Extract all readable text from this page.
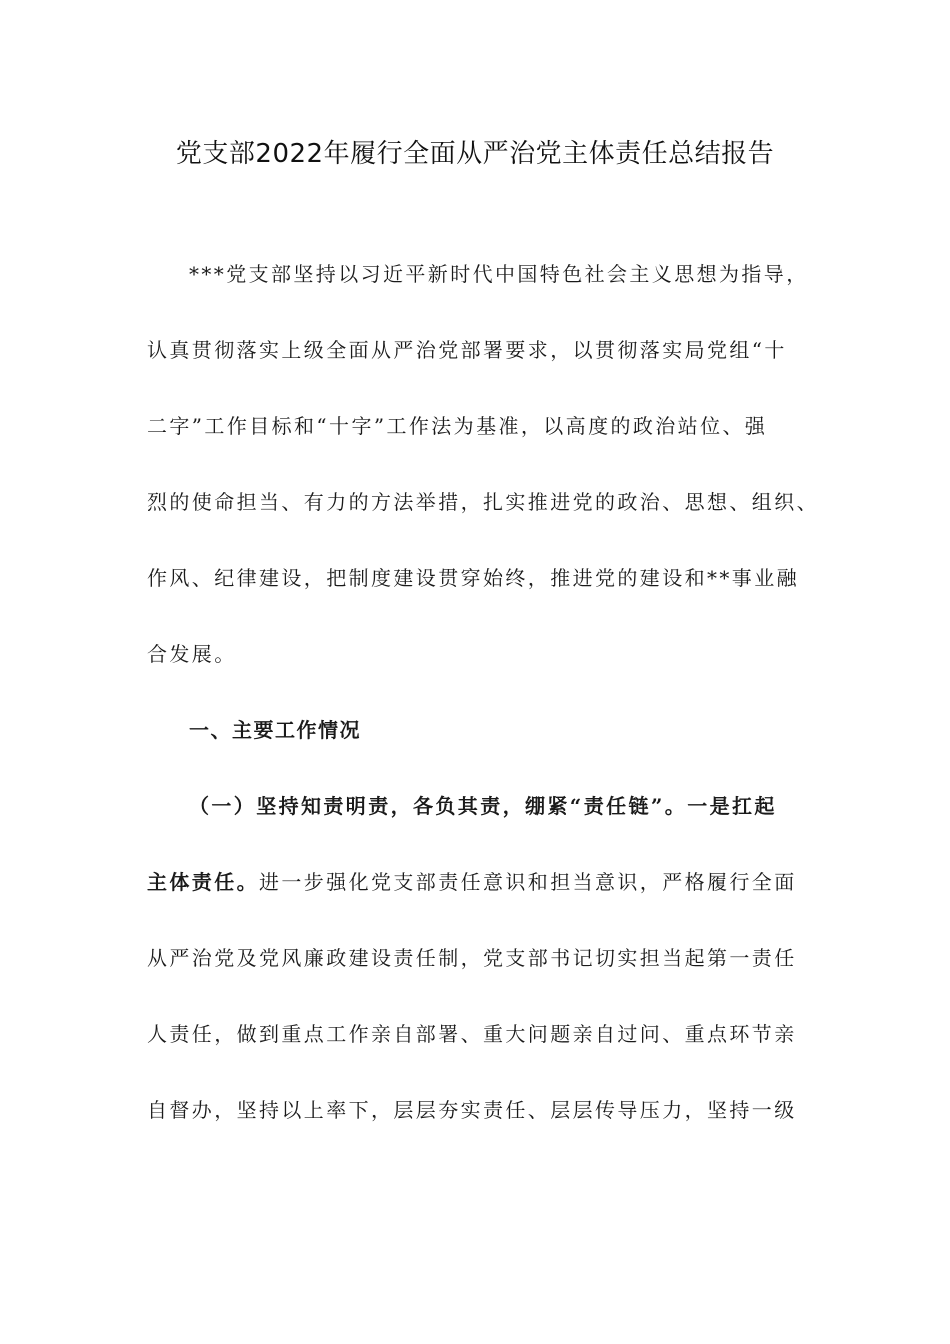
党支部2022年履行全面从严治党主体责任总结报告
***党支部坚持以习近平新时代中国特色社会主义思想为指导，
认真贯彻落实上级全面从严治党部署要求，以贯彻落实局党组“十
二字”工作目标和“十字”工作法为基准，以高度的政治站位、强
烈的使命担当、有力的方法举措，扎实推进党的政治、思想、组织、
作风、纪律建设，把制度建设贯穿始终，推进党的建设和**事业融
合发展。
一、主要工作情况
（一）坚持知责明责，各负其责，绷紧“责任链”。一是扛起
主体责任。进一步强化党支部责任意识和担当意识，严格履行全面
从严治党及党风廉政建设责任制，党支部书记切实担当起第一责任
人责任，做到重点工作亲自部署、重大问题亲自过问、重点环节亲
自督办，坚持以上率下，层层夯实责任、层层传导压力，坚持一级
